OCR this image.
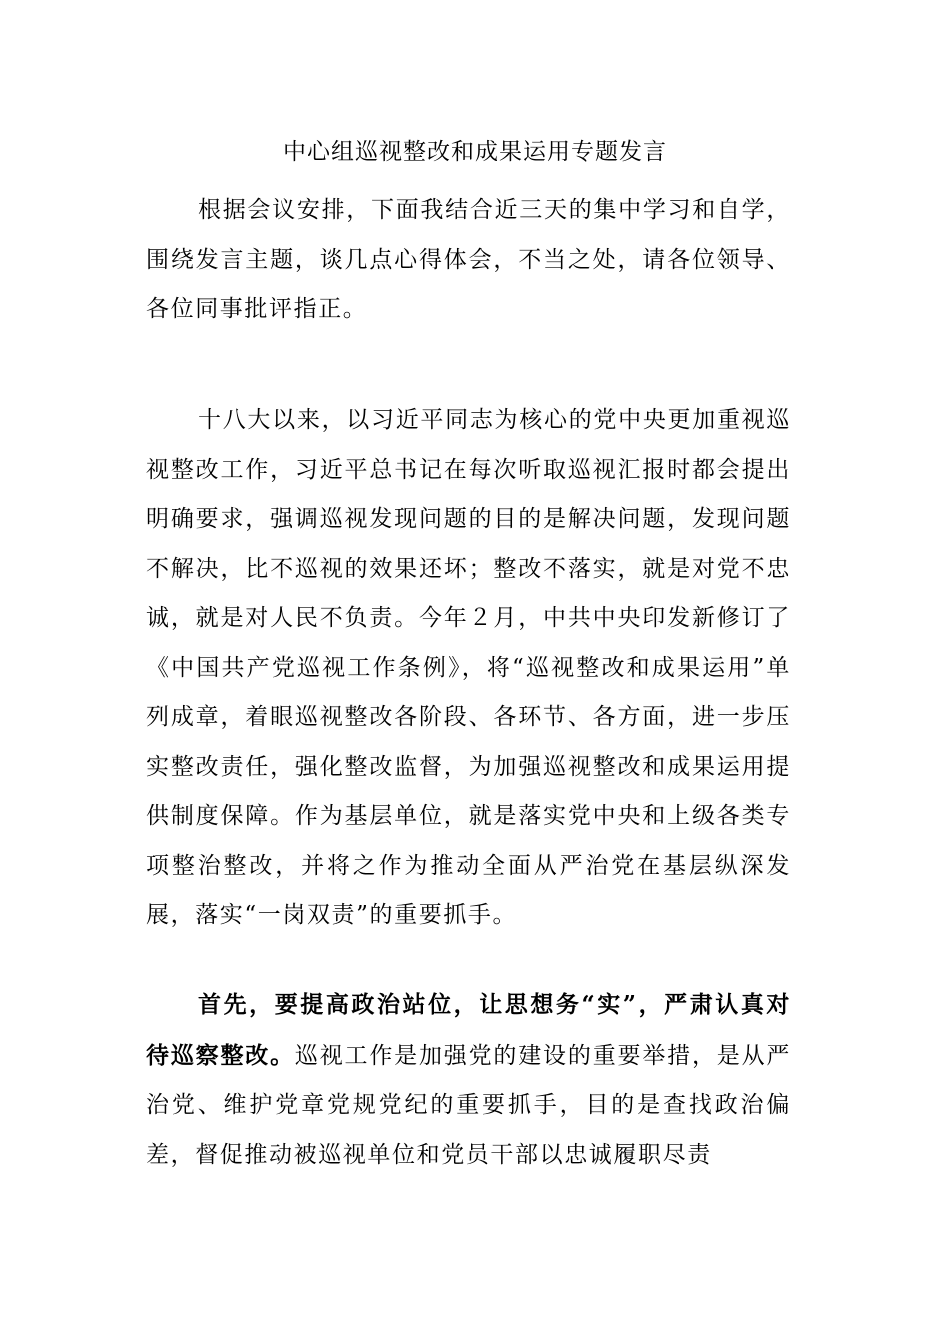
中心组巡视整改和成果运用专题发言

根据会议安排，下面我结合近三天的集中学习和自学，围绕发言主题，谈几点心得体会，不当之处，请各位领导、各位同事批评指正。

十八大以来，以习近平同志为核心的党中央更加重视巡视整改工作，习近平总书记在每次听取巡视汇报时都会提出明确要求，强调巡视发现问题的目的是解决问题，发现问题不解决，比不巡视的效果还坏；整改不落实，就是对党不忠诚，就是对人民不负责。今年２月，中共中央印发新修订了《中国共产党巡视工作条例》，将“巡视整改和成果运用”单列成章，着眼巡视整改各阶段、各环节、各方面，进一步压实整改责任，强化整改监督，为加强巡视整改和成果运用提供制度保障。作为基层单位，就是落实党中央和上级各类专项整治整改，并将之作为推动全面从严治党在基层纵深发展，落实“一岗双责”的重要抓手。

首先，要提高政治站位，让思想务“实”，严肃认真对待巡察整改。巡视工作是加强党的建设的重要举措，是从严治党、维护党章党规党纪的重要抓手，目的是查找政治偏差，督促推动被巡视单位和党员干部以忠诚履职尽责
